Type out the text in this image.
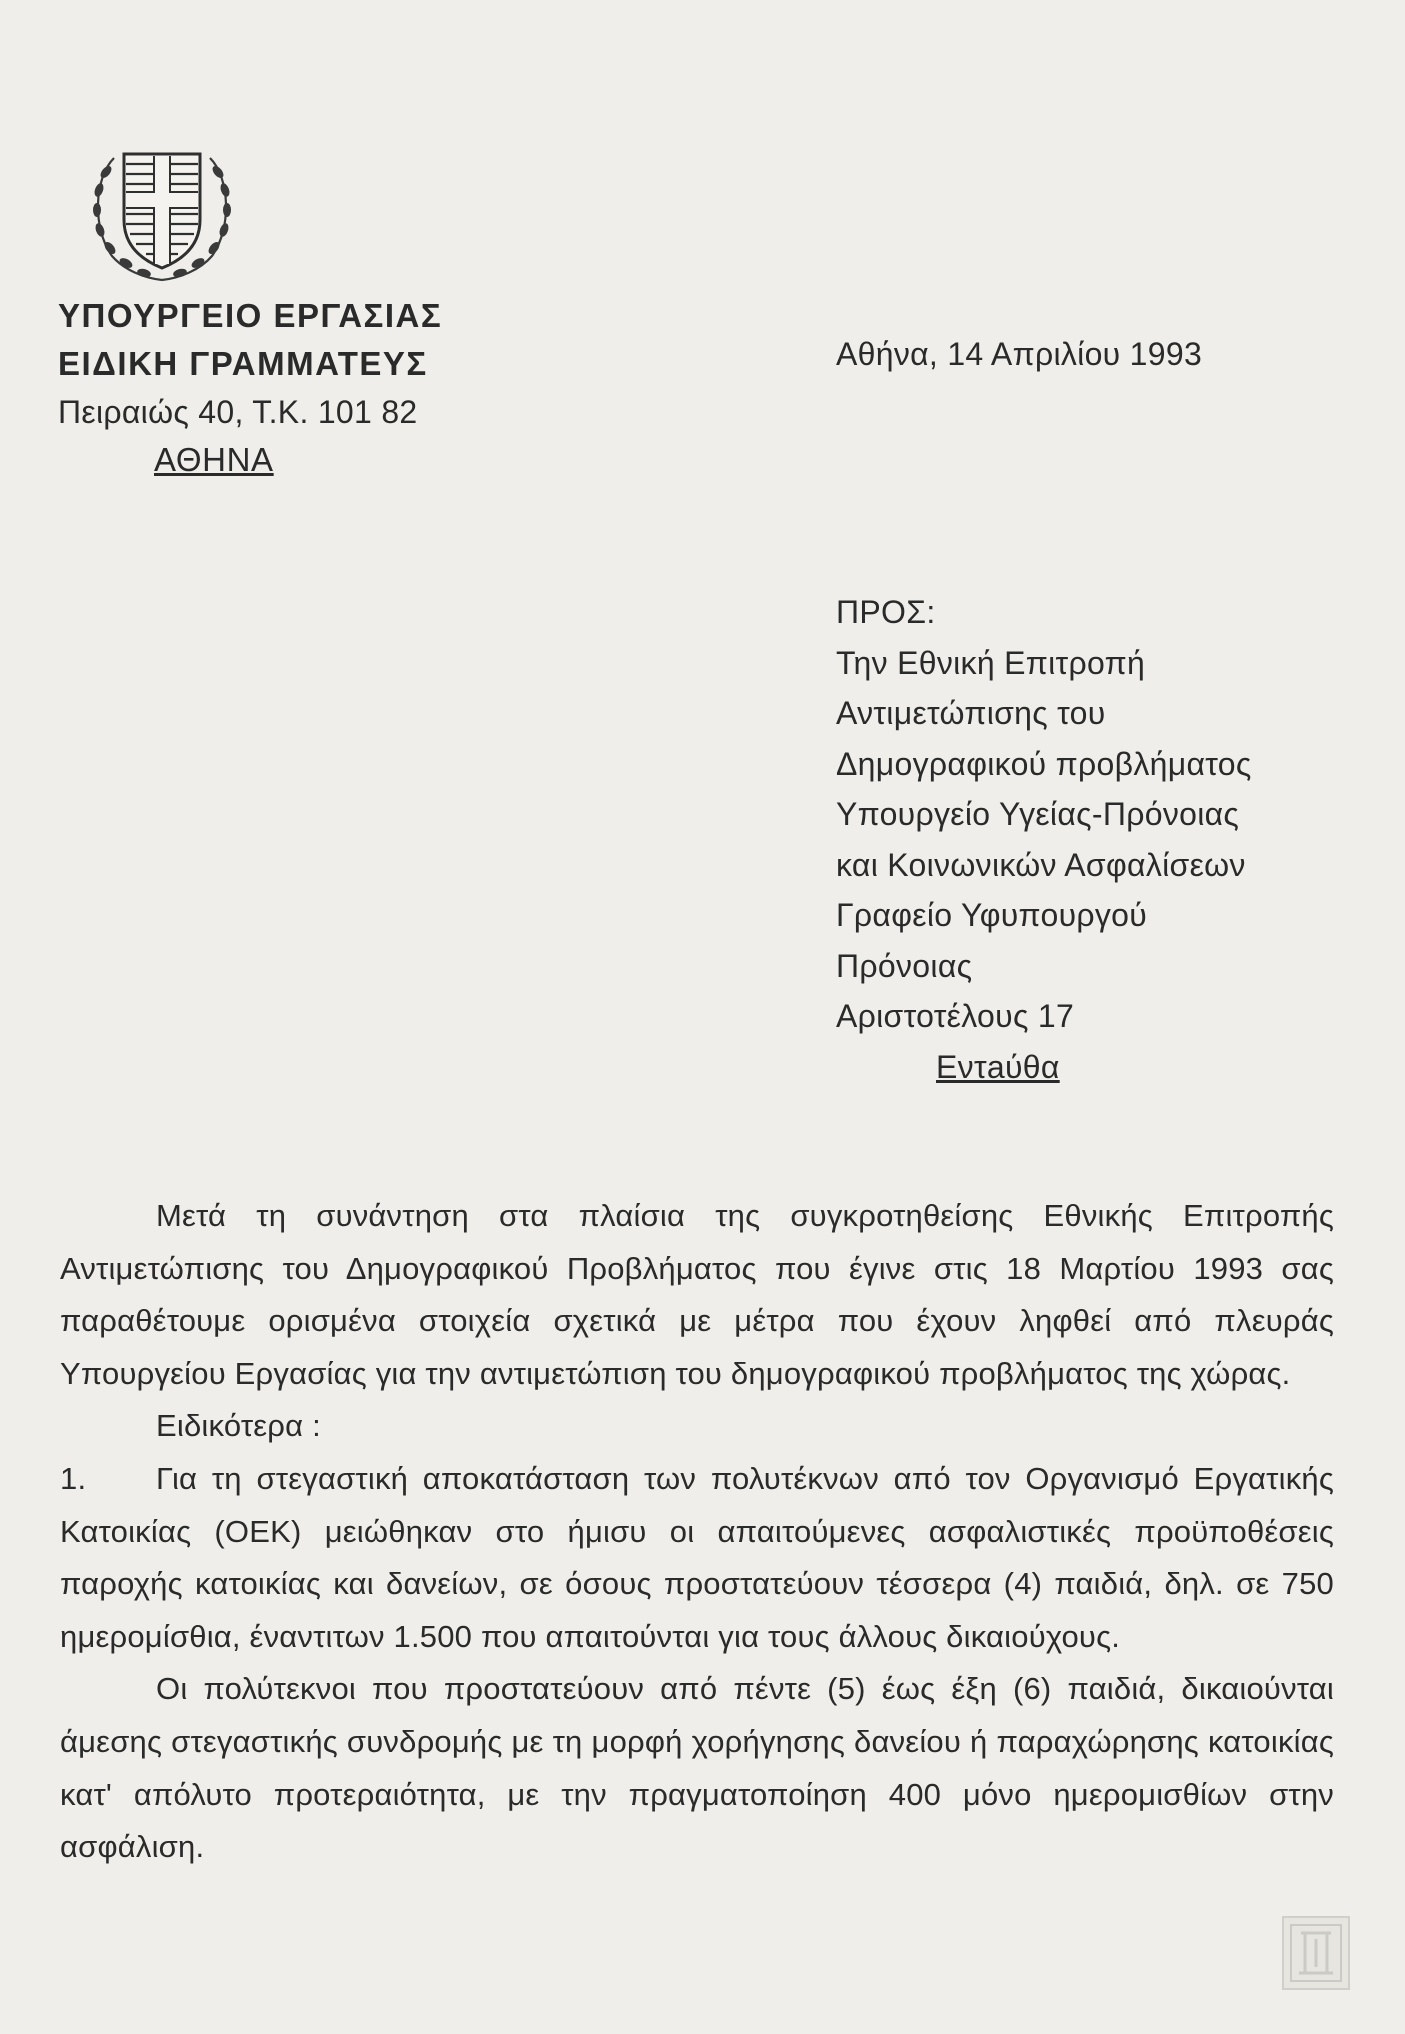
ΥΠΟΥΡΓΕΙΟ ΕΡΓΑΣΙΑΣ
ΕΙΔΙΚΗ ΓΡΑΜΜΑΤΕΥΣ
Πειραιώς 40, Τ.Κ. 101 82
ΑΘΗΝΑ
Αθήνα, 14 Απριλίου 1993
ΠΡΟΣ:
Την Εθνική Επιτροπή
Αντιμετώπισης του
Δημογραφικού προβλήματος
Υπουργείο Υγείας-Πρόνοιας
και Κοινωνικών Ασφαλίσεων
Γραφείο Υφυπουργού
Πρόνοιας
Αριστοτέλους 17
Εντaύθα

Μετά τη συνάντηση στα πλαίσια της συγκροτηθείσης Εθνικής Επιτροπής Αντιμετώπισης του Δημογραφικού Προβλήματος που έγινε στις 18 Μαρτίου 1993 σας παραθέτουμε ορισμένα στοιχεία σχετικά με μέτρα που έχουν ληφθεί από πλευράς Υπουργείου Εργασίας για την αντιμετώπιση του δημογραφικού προβλήματος της χώρας.

Ειδικότερα :

1. Για τη στεγαστική αποκατάσταση των πολυτέκνων από τον Οργανισμό Εργατικής Κατοικίας (ΟΕΚ) μειώθηκαν στο ήμισυ οι απαιτούμενες ασφαλιστικές προϋποθέσεις παροχής κατοικίας και δανείων, σε όσους προστατεύουν τέσσερα (4) παιδιά, δηλ. σε 750 ημερομίσθια, έναντιτων 1.500 που απαιτούνται για τους άλλους δικαιούχους.

Οι πολύτεκνοι που προστατεύουν από πέντε (5) έως έξη (6) παιδιά, δικαιούνται άμεσης στεγαστικής συνδρομής με τη μορφή χορήγησης δανείου ή παραχώρησης κατοικίας κατ' απόλυτο προτεραιότητα, με την πραγματοποίηση 400 μόνο ημερομισθίων στην ασφάλιση.
